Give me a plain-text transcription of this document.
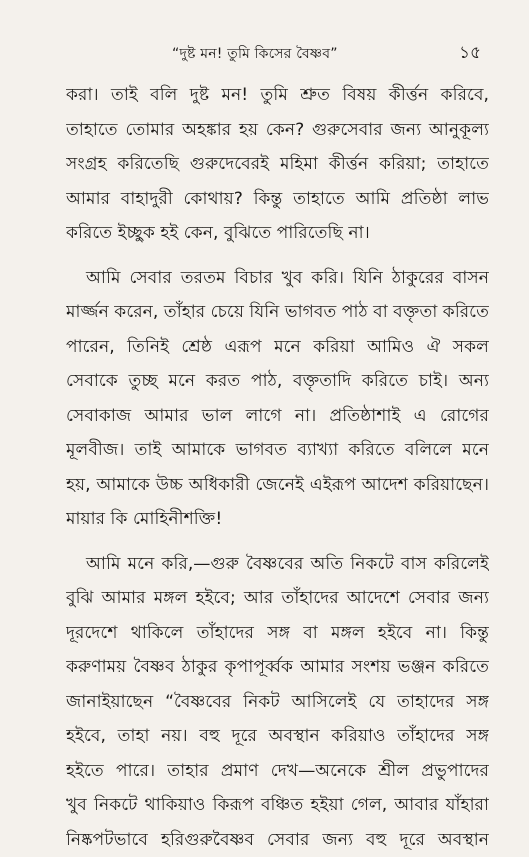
“দুষ্ট মন! তুমি কিসের বৈষ্ণব”	১৫
করা। তাই বলি দুষ্ট মন! তুমি শ্রুত বিষয় কীর্ত্তন করিবে,
তাহাতে তোমার অহঙ্কার হয় কেন? গুরুসেবার জন্য আনুকূল্য
সংগ্রহ করিতেছি গুরুদেবেরই মহিমা কীর্ত্তন করিয়া; তাহাতে
আমার বাহাদুরী কোথায়? কিন্তু তাহাতে আমি প্রতিষ্ঠা লাভ
করিতে ইচ্ছুক হই কেন, বুঝিতে পারিতেছি না।
আমি সেবার তরতম বিচার খুব করি। যিনি ঠাকুরের বাসন
মার্জ্জন করেন, তাঁহার চেয়ে যিনি ভাগবত পাঠ বা বক্তৃতা করিতে
পারেন, তিনিই শ্রেষ্ঠ এরূপ মনে করিয়া আমিও ঐ সকল
সেবাকে তুচ্ছ মনে করত পাঠ, বক্তৃতাদি করিতে চাই। অন্য
সেবাকাজ আমার ভাল লাগে না। প্রতিষ্ঠাশাই এ রোগের
মূলবীজ। তাই আমাকে ভাগবত ব্যাখ্যা করিতে বলিলে মনে
হয়, আমাকে উচ্চ অধিকারী জেনেই এইরূপ আদেশ করিয়াছেন।
মায়ার কি মোহিনীশক্তি!
আমি মনে করি,—গুরু বৈষ্ণবের অতি নিকটে বাস করিলেই
বুঝি আমার মঙ্গল হইবে; আর তাঁহাদের আদেশে সেবার জন্য
দূরদেশে থাকিলে তাঁহাদের সঙ্গ বা মঙ্গল হইবে না। কিন্তু
করুণাময় বৈষ্ণব ঠাকুর কৃপাপূর্ব্বক আমার সংশয় ভঞ্জন করিতে
জানাইয়াছেন “বৈষ্ণবের নিকট আসিলেই যে তাহাদের সঙ্গ
হইবে, তাহা নয়। বহু দূরে অবস্থান করিয়াও তাঁহাদের সঙ্গ
হইতে পারে। তাহার প্রমাণ দেখ—অনেকে শ্রীল প্রভুপাদের
খুব নিকটে থাকিয়াও কিরূপ বঞ্চিত হইয়া গেল, আবার যাঁহারা
নিষ্কপটভাবে হরিগুরুবৈষ্ণব সেবার জন্য বহু দূরে অবস্থান
